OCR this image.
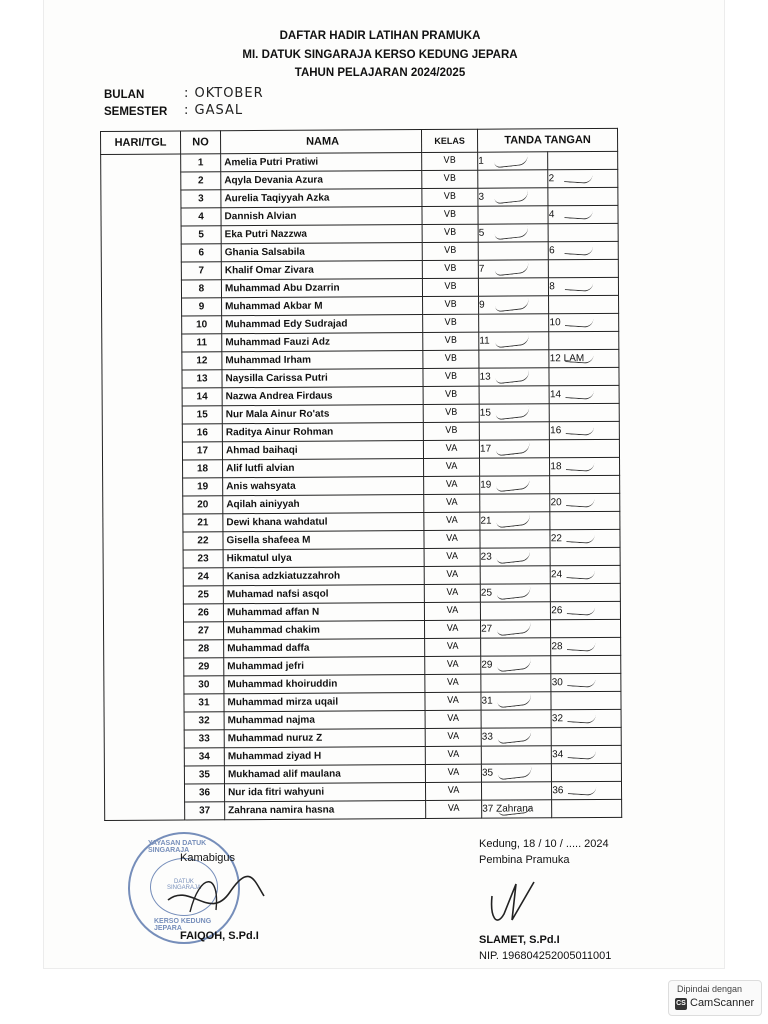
DAFTAR HADIR LATIHAN PRAMUKA
MI. DATUK SINGARAJA KERSO KEDUNG JEPARA
TAHUN PELAJARAN 2024/2025
BULAN	: OKTOBER
SEMESTER : GASAL
HARI/TGL	NO	NAMA	KELAS	TANDA TANGAN	
	1	Amelia Putri Pratiwi	VB	1

	2	Aqyla Devania Azura	VB		2

	3	Aurelia Taqiyyah Azka	VB	3

	4	Dannish Alvian	VB		4

	5	Eka Putri Nazzwa	VB	5

	6	Ghania Salsabila	VB		6

	7	Khalif Omar Zivara	VB	7

	8	Muhammad Abu Dzarrin	VB		8

	9	Muhammad Akbar M	VB	9

	10	Muhammad Edy Sudrajad	VB		10

	11	Muhammad Fauzi Adz	VB	11

	12	Muhammad Irham	VB		12 LAM

	13	Naysilla Carissa Putri	VB	13

	14	Nazwa Andrea Firdaus	VB		14

	15	Nur Mala Ainur Ro'ats	VB	15

	16	Raditya Ainur Rohman	VB		16

	17	Ahmad baihaqi	VA	17

	18	Alif lutfi alvian	VA		18

	19	Anis wahsyata	VA	19

	20	Aqilah ainiyyah	VA		20

	21	Dewi khana wahdatul	VA	21

	22	Gisella shafeea M	VA		22

	23	Hikmatul ulya	VA	23

	24	Kanisa adzkiatuzzahroh	VA		24

	25	Muhamad nafsi asqol	VA	25

	26	Muhammad affan N	VA		26

	27	Muhammad chakim	VA	27

	28	Muhammad daffa	VA		28

	29	Muhammad jefri	VA	29

	30	Muhammad khoiruddin	VA		30

	31	Muhammad mirza uqail	VA	31

	32	Muhammad najma	VA		32

	33	Muhammad nuruz Z	VA	33

	34	Muhammad ziyad H	VA		34

	35	Mukhamad alif maulana	VA	35

	36	Nur ida fitri wahyuni	VA		36

	37	Zahrana namira hasna	VA	37 Zahrana

YAYASAN DATUK SINGARAJA
DATUK SINGARAJA
KERSO KEDUNG JEPARA
Kamabigus
FAIQOH, S.Pd.I
Kedung, 18 / 10 / ..... 2024
Pembina Pramuka
SLAMET, S.Pd.I
NIP. 196804252005011001
Dipindai dengan
CS CamScanner
